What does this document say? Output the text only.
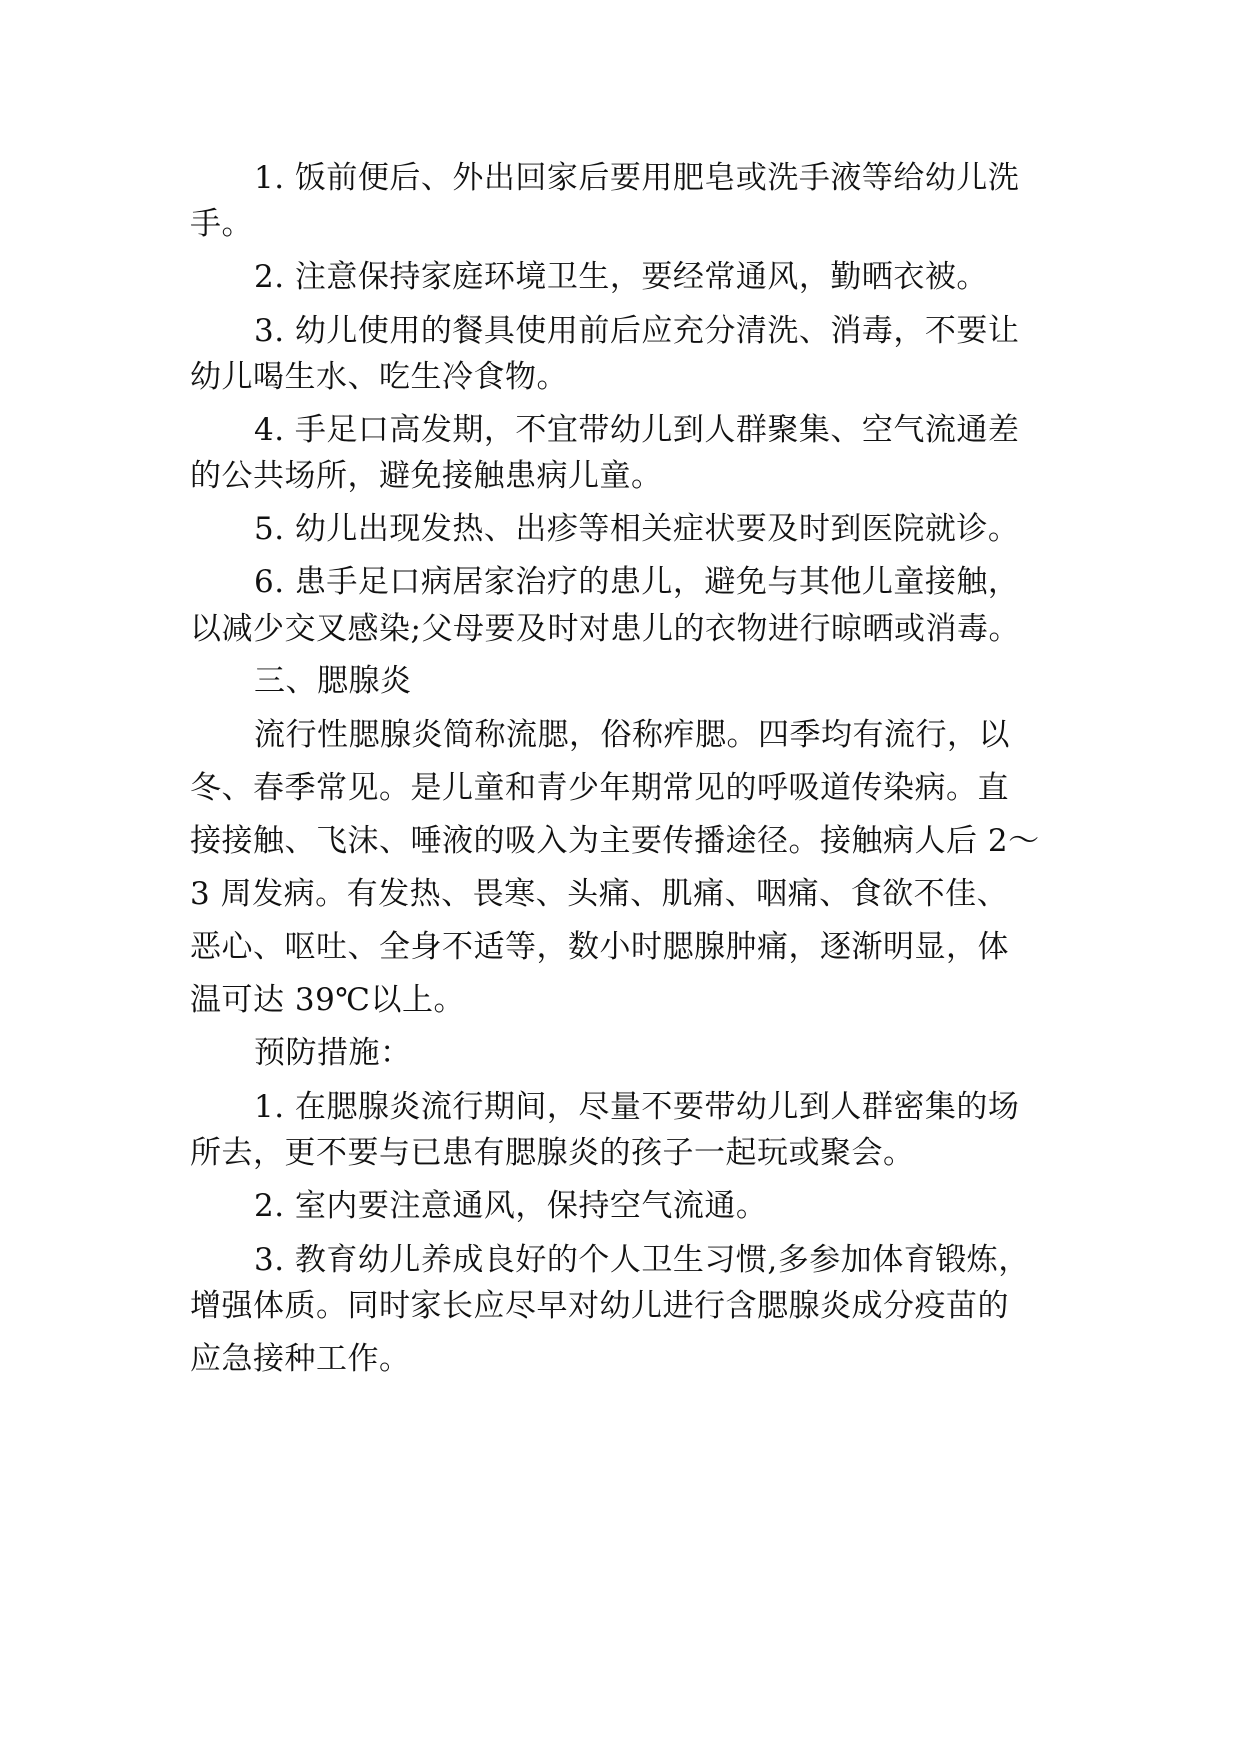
1. 饭前便后、外出回家后要用肥皂或洗手液等给幼儿洗
手。
2. 注意保持家庭环境卫生，要经常通风，勤晒衣被。
3. 幼儿使用的餐具使用前后应充分清洗、消毒，不要让
幼儿喝生水、吃生冷食物。
4. 手足口高发期，不宜带幼儿到人群聚集、空气流通差
的公共场所，避免接触患病儿童。
5. 幼儿出现发热、出疹等相关症状要及时到医院就诊。
6. 患手足口病居家治疗的患儿，避免与其他儿童接触，
以减少交叉感染;父母要及时对患儿的衣物进行晾晒或消毒。
三、腮腺炎
流行性腮腺炎简称流腮，俗称痄腮。四季均有流行，以
冬、春季常见。是儿童和青少年期常见的呼吸道传染病。直
接接触、飞沫、唾液的吸入为主要传播途径。接触病人后 2～
3 周发病。有发热、畏寒、头痛、肌痛、咽痛、食欲不佳、
恶心、呕吐、全身不适等，数小时腮腺肿痛，逐渐明显，体
温可达 39℃以上。
预防措施：
1. 在腮腺炎流行期间，尽量不要带幼儿到人群密集的场
所去，更不要与已患有腮腺炎的孩子一起玩或聚会。
2. 室内要注意通风，保持空气流通。
3. 教育幼儿养成良好的个人卫生习惯,多参加体育锻炼，
增强体质。同时家长应尽早对幼儿进行含腮腺炎成分疫苗的
应急接种工作。
